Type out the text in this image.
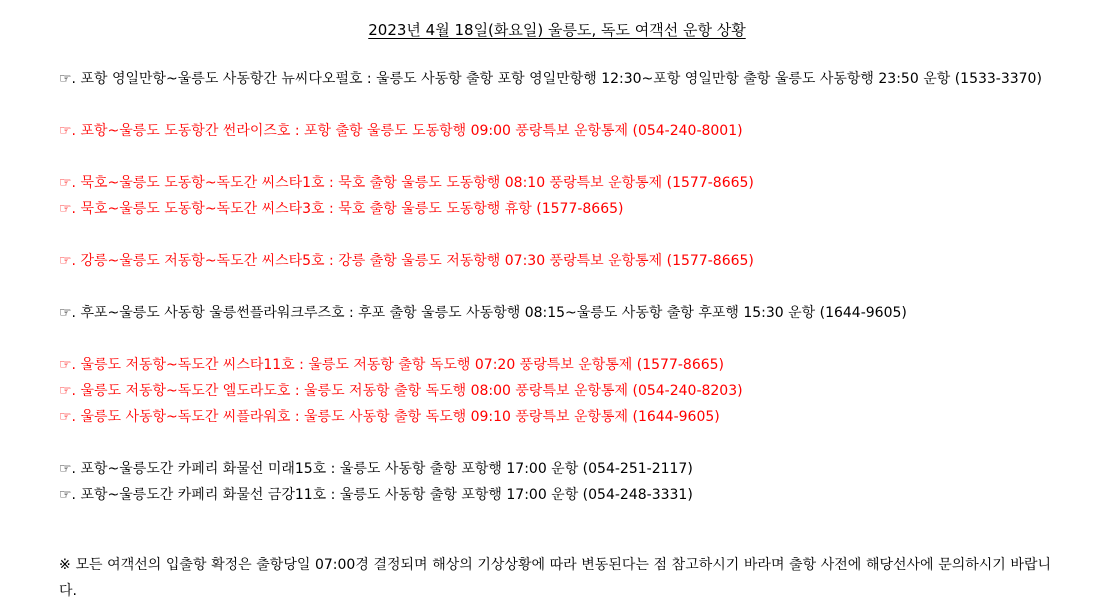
2023년 4월 18일(화요일) 울릉도, 독도 여객선 운항 상황
☞. 포항 영일만항~울릉도 사동항간 뉴씨다오펄호 : 울릉도 사동항 출항 포항 영일만항행 12:30~포항 영일만항 출항 울릉도 사동항행 23:50 운항 (1533-3370)
☞. 포항~울릉도 도동항간 썬라이즈호 : 포항 출항 울릉도 도동항행 09:00 풍랑특보 운항통제 (054-240-8001)
☞. 묵호~울릉도 도동항~독도간 씨스타1호 : 묵호 출항 울릉도 도동항행 08:10 풍랑특보 운항통제 (1577-8665)
☞. 묵호~울릉도 도동항~독도간 씨스타3호 : 묵호 출항 울릉도 도동항행 휴항 (1577-8665)
☞. 강릉~울릉도 저동항~독도간 씨스타5호 : 강릉 출항 울릉도 저동항행 07:30 풍랑특보 운항통제 (1577-8665)
☞. 후포~울릉도 사동항 울릉썬플라워크루즈호 : 후포 출항 울릉도 사동항행 08:15~울릉도 사동항 출항 후포행 15:30 운항 (1644-9605)
☞. 울릉도 저동항~독도간 씨스타11호 : 울릉도 저동항 출항 독도행 07:20 풍랑특보 운항통제 (1577-8665)
☞. 울릉도 저동항~독도간 엘도라도호 : 울릉도 저동항 출항 독도행 08:00 풍랑특보 운항통제 (054-240-8203)
☞. 울릉도 사동항~독도간 씨플라워호 : 울릉도 사동항 출항 독도행 09:10 풍랑특보 운항통제 (1644-9605)
☞. 포항~울릉도간 카페리 화물선 미래15호 : 울릉도 사동항 출항 포항행 17:00 운항 (054-251-2117)
☞. 포항~울릉도간 카페리 화물선 금강11호 : 울릉도 사동항 출항 포항행 17:00 운항 (054-248-3331)
※ 모든 여객선의 입출항 확정은 출항당일 07:00경 결정되며 해상의 기상상황에 따라 변동된다는 점 참고하시기 바라며 출항 사전에 해당선사에 문의하시기 바랍니다.
